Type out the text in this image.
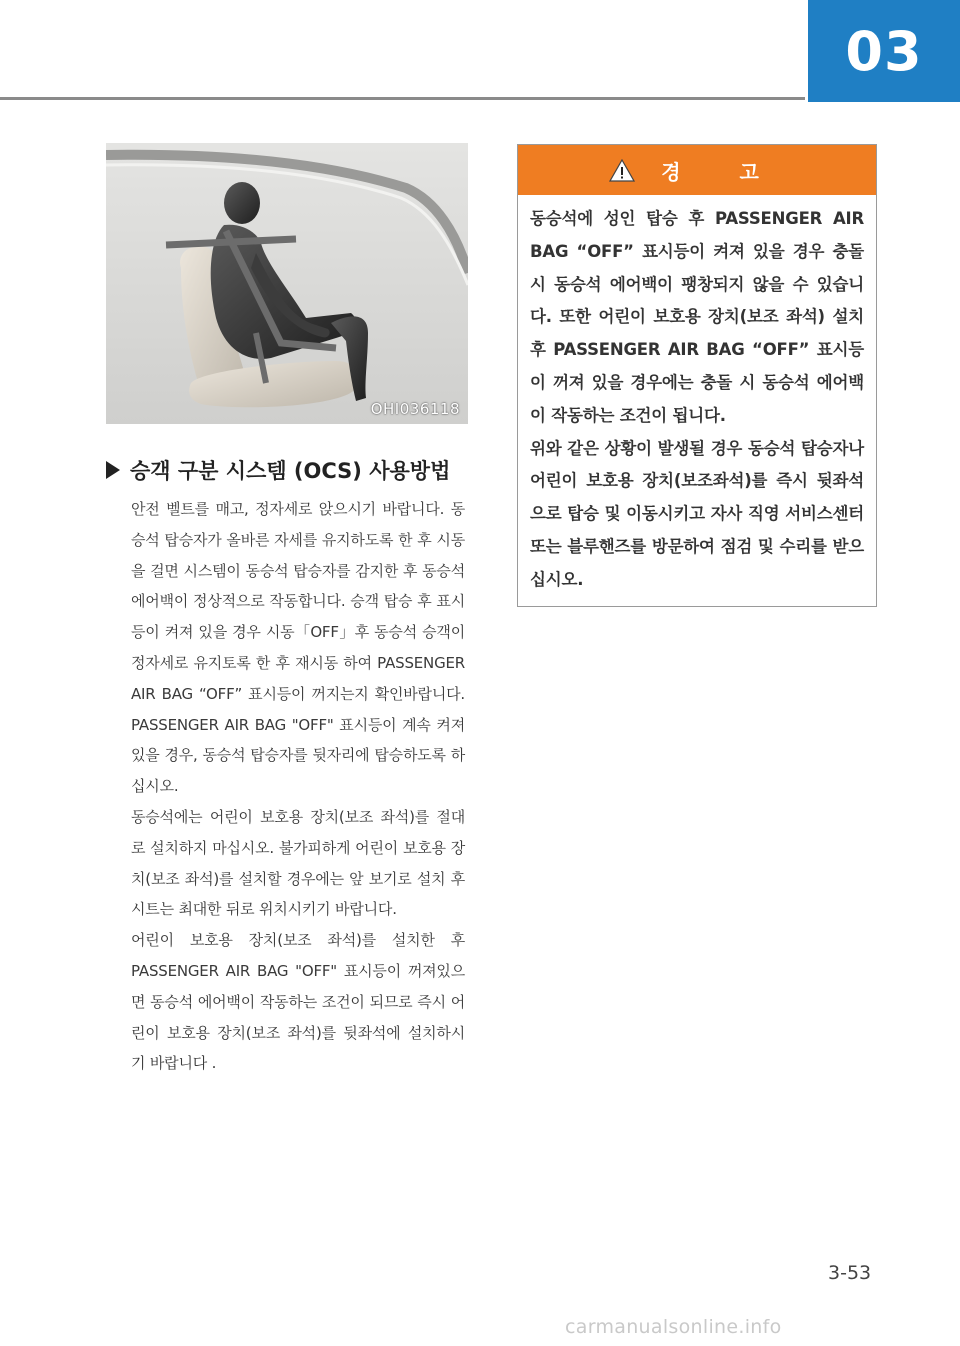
03
OHI036118
승객 구분 시스템 (OCS) 사용방법

안전 벨트를 매고, 정자세로 앉으시기 바랍니다. 동승석 탑승자가 올바른 자세를 유지하도록 한 후 시동을 걸면 시스템이 동승석 탑승자를 감지한 후 동승석 에어백이 정상적으로 작동합니다. 승객 탑승 후 표시등이 켜져 있을 경우 시동「OFF」후 동승석 승객이 정자세로 유지토록 한 후 재시동 하여 PASSENGER AIR BAG “OFF” 표시등이 꺼지는지 확인바랍니다. PASSENGER AIR BAG "OFF" 표시등이 계속 켜져 있을 경우, 동승석 탑승자를 뒷자리에 탑승하도록 하십시오.

동승석에는 어린이 보호용 장치(보조 좌석)를 절대로 설치하지 마십시오. 불가피하게 어린이 보호용 장치(보조 좌석)를 설치할 경우에는 앞 보기로 설치 후 시트는 최대한 뒤로 위치시키기 바랍니다.

어린이 보호용 장치(보조 좌석)를 설치한 후 PASSENGER AIR BAG "OFF" 표시등이 꺼져있으면 동승석 에어백이 작동하는 조건이 되므로 즉시 어린이 보호용 장치(보조 좌석)를 뒷좌석에 설치하시기 바랍니다 .

경 고

동승석에 성인 탑승 후 PASSENGER AIR BAG “OFF” 표시등이 켜져 있을 경우 충돌 시 동승석 에어백이 팽창되지 않을 수 있습니다. 또한 어린이 보호용 장치(보조 좌석) 설치 후 PASSENGER AIR BAG “OFF” 표시등이 꺼져 있을 경우에는 충돌 시 동승석 에어백이 작동하는 조건이 됩니다.

위와 같은 상황이 발생될 경우 동승석 탑승자나 어린이 보호용 장치(보조좌석)를 즉시 뒷좌석으로 탑승 및 이동시키고 자사 직영 서비스센터 또는 블루핸즈를 방문하여 점검 및 수리를 받으십시오.

3-53
carmanualsonline.info
